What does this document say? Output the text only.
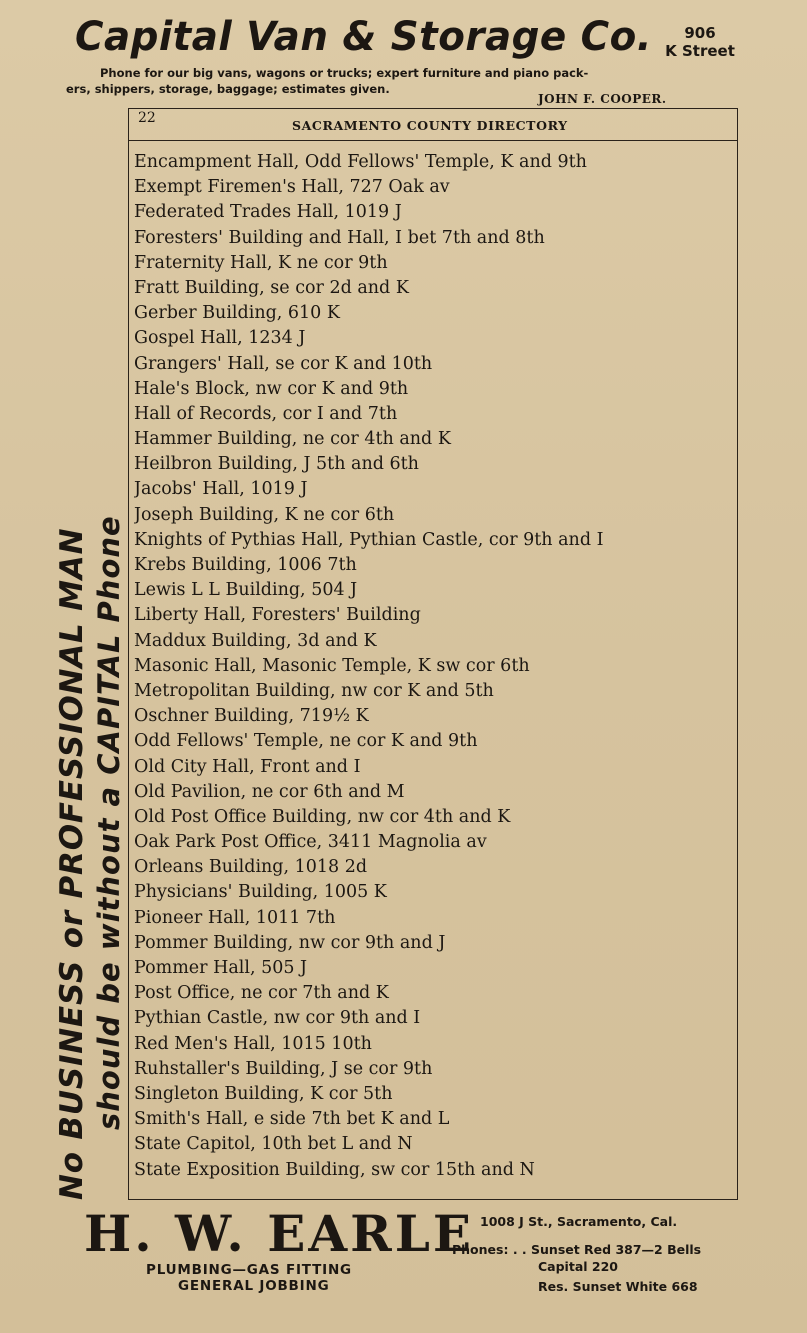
Capital Van & Storage Co.	906
K Street
Phone for our big vans, wagons or trucks; expert furniture and piano pack-
ers, shippers, storage, baggage; estimates given.
JOHN F. COOPER.
No BUSINESS or PROFESSIONAL MAN should be without a CAPITAL Phone
22	SACRAMENTO COUNTY DIRECTORY
Encampment Hall, Odd Fellows' Temple, K and 9th
Exempt Firemen's Hall, 727 Oak av
Federated Trades Hall, 1019 J
Foresters' Building and Hall, I bet 7th and 8th
Fraternity Hall, K ne cor 9th
Fratt Building, se cor 2d and K
Gerber Building, 610 K
Gospel Hall, 1234 J
Grangers' Hall, se cor K and 10th
Hale's Block, nw cor K and 9th
Hall of Records, cor I and 7th
Hammer Building, ne cor 4th and K
Heilbron Building, J 5th and 6th
Jacobs' Hall, 1019 J
Joseph Building, K ne cor 6th
Knights of Pythias Hall, Pythian Castle, cor 9th and I
Krebs Building, 1006 7th
Lewis L L Building, 504 J
Liberty Hall, Foresters' Building
Maddux Building, 3d and K
Masonic Hall, Masonic Temple, K sw cor 6th
Metropolitan Building, nw cor K and 5th
Oschner Building, 719½ K
Odd Fellows' Temple, ne cor K and 9th
Old City Hall, Front and I
Old Pavilion, ne cor 6th and M
Old Post Office Building, nw cor 4th and K
Oak Park Post Office, 3411 Magnolia av
Orleans Building, 1018 2d
Physicians' Building, 1005 K
Pioneer Hall, 1011 7th
Pommer Building, nw cor 9th and J
Pommer Hall, 505 J
Post Office, ne cor 7th and K
Pythian Castle, nw cor 9th and I
Red Men's Hall, 1015 10th
Ruhstaller's Building, J se cor 9th
Singleton Building, K cor 5th
Smith's Hall, e side 7th bet K and L
State Capitol, 10th bet L and N
State Exposition Building, sw cor 15th and N
H. W. EARLE
PLUMBING—GAS FITTING
GENERAL JOBBING
1008 J St., Sacramento, Cal.
Phones: . . Sunset Red 387—2 Bells
Capital 220
Res. Sunset White 668
